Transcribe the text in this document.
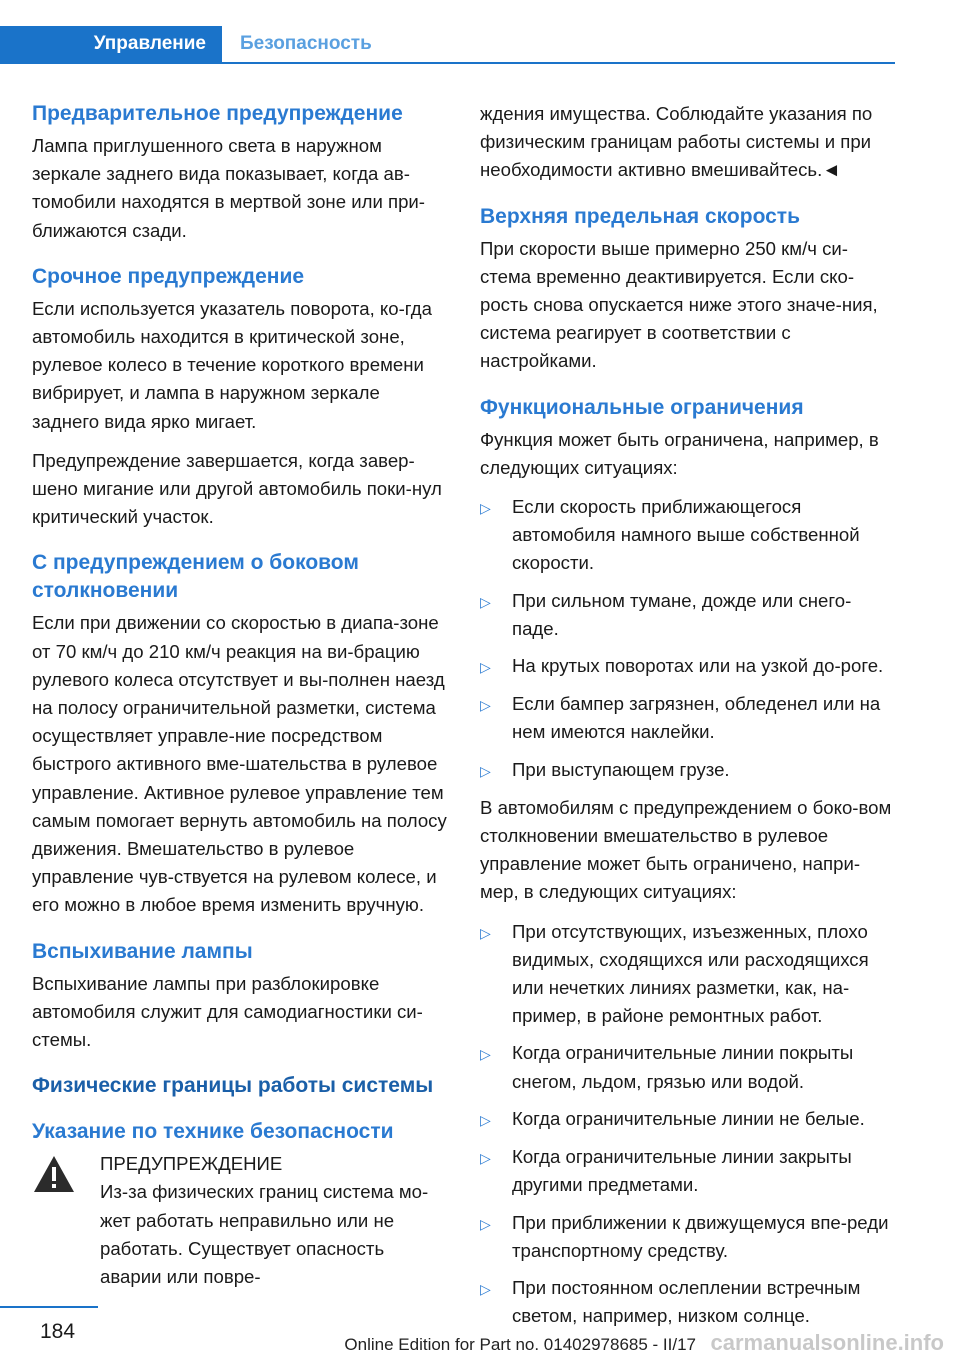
Управление	Безопасность
Предварительное предупреждение

Лампа приглушенного света в наружном зеркале заднего вида показывает, когда ав-томобили находятся в мертвой зоне или при-ближаются сзади.

Срочное предупреждение

Если используется указатель поворота, ко-гда автомобиль находится в критической зоне, рулевое колесо в течение короткого времени вибрирует, и лампа в наружном зеркале заднего вида ярко мигает.

Предупреждение завершается, когда завер-шено мигание или другой автомобиль поки-нул критический участок.

С предупреждением о боковом столкновении

Если при движении со скоростью в диапа-зоне от 70 км/ч до 210 км/ч реакция на ви-брацию рулевого колеса отсутствует и вы-полнен наезд на полосу ограничительной разметки, система осуществляет управле-ние посредством быстрого активного вме-шательства в рулевое управление. Активное рулевое управление тем самым помогает вернуть автомобиль на полосу движения. Вмешательство в рулевое управление чув-ствуется на рулевом колесе, и его можно в любое время изменить вручную.

Вспыхивание лампы

Вспыхивание лампы при разблокировке автомобиля служит для самодиагностики си-стемы.

Физические границы работы системы
Указание по технике безопасности

ПРЕДУПРЕЖДЕНИЕ

Из-за физических границ система мо-жет работать неправильно или не работать. Существует опасность аварии или повре-

ждения имущества. Соблюдайте указания по физическим границам работы системы и при необходимости активно вмешивайтесь.◄

Верхняя предельная скорость

При скорости выше примерно 250 км/ч си-стема временно деактивируется. Если ско-рость снова опускается ниже этого значе-ния, система реагирует в соответствии с настройками.

Функциональные ограничения

Функция может быть ограничена, например, в следующих ситуациях:

▷	Если скорость приближающегося автомобиля намного выше собственной скорости.
▷	При сильном тумане, дожде или снего-паде.
▷	На крутых поворотах или на узкой до-роге.
▷	Если бампер загрязнен, обледенел или на нем имеются наклейки.
▷	При выступающем грузе.

В автомобилям с предупреждением о боко-вом столкновении вмешательство в рулевое управление может быть ограничено, напри-мер, в следующих ситуациях:

▷	При отсутствующих, изъезженных, плохо видимых, сходящихся или расходящихся или нечетких линиях разметки, как, на-пример, в районе ремонтных работ.
▷	Когда ограничительные линии покрыты снегом, льдом, грязью или водой.
▷	Когда ограничительные линии не белые.
▷	Когда ограничительные линии закрыты другими предметами.
▷	При приближении к движущемуся впе-реди транспортному средству.
▷	При постоянном ослеплении встречным светом, например, низком солнце.
184
Online Edition for Part no. 01402978685 - II/17 carmanualsonline.info
